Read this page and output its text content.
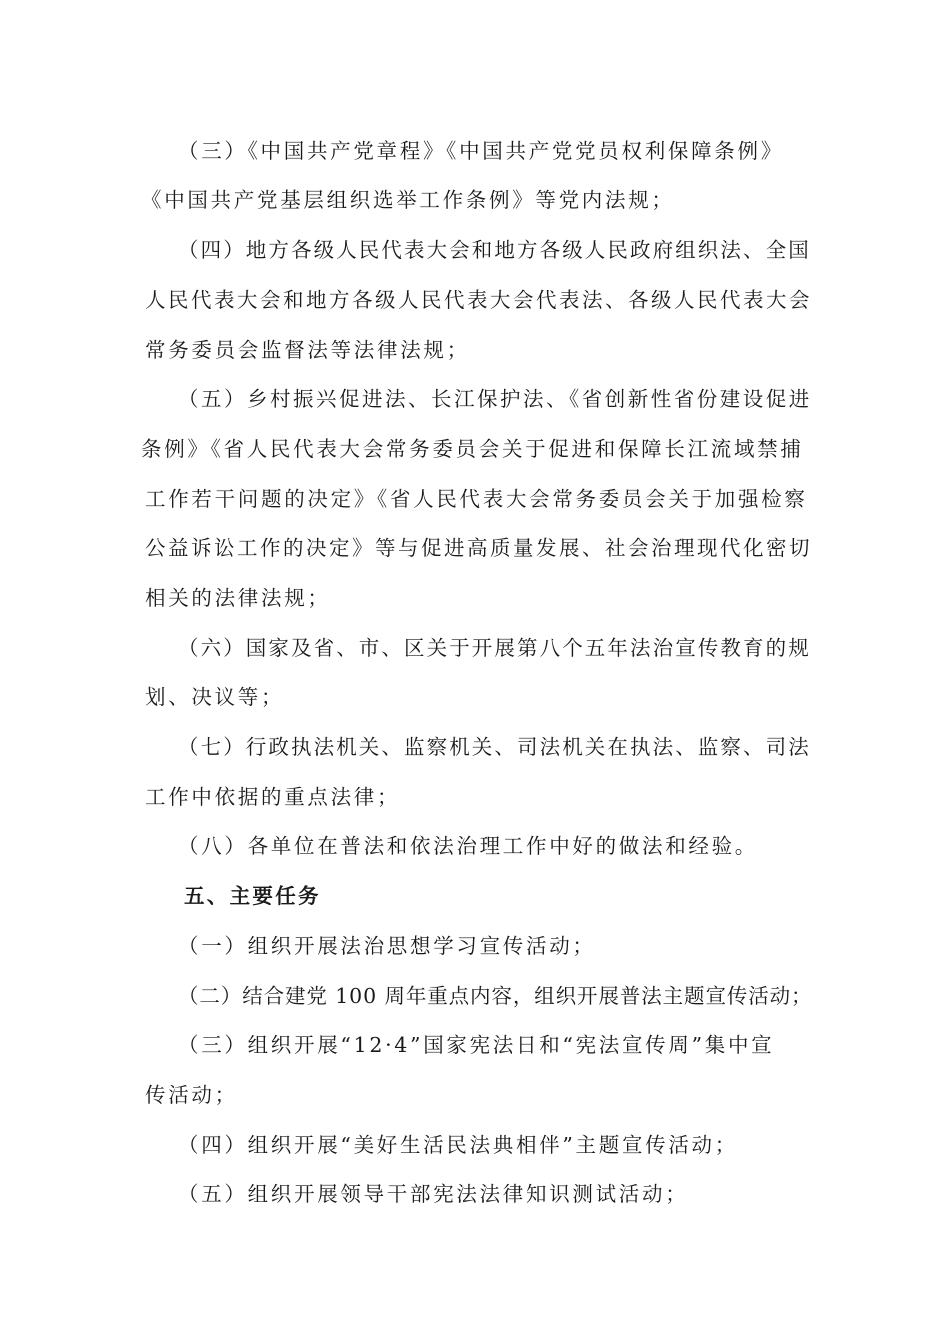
（三）《中国共产党章程》《中国共产党党员权利保障条例》
《中国共产党基层组织选举工作条例》等党内法规；
（四）地方各级人民代表大会和地方各级人民政府组织法、全国
人民代表大会和地方各级人民代表大会代表法、各级人民代表大会
常务委员会监督法等法律法规；
（五）乡村振兴促进法、长江保护法、《省创新性省份建设促进
条例》《省人民代表大会常务委员会关于促进和保障长江流域禁捕
工作若干问题的决定》《省人民代表大会常务委员会关于加强检察
公益诉讼工作的决定》等与促进高质量发展、社会治理现代化密切
相关的法律法规；
（六）国家及省、市、区关于开展第八个五年法治宣传教育的规
划、决议等；
（七）行政执法机关、监察机关、司法机关在执法、监察、司法
工作中依据的重点法律；
（八）各单位在普法和依法治理工作中好的做法和经验。
五、主要任务
（一）组织开展法治思想学习宣传活动；
（二）结合建党 100 周年重点内容，组织开展普法主题宣传活动；
（三）组织开展“12·4”国家宪法日和“宪法宣传周”集中宣
传活动；
（四）组织开展“美好生活民法典相伴”主题宣传活动；
（五）组织开展领导干部宪法法律知识测试活动；
